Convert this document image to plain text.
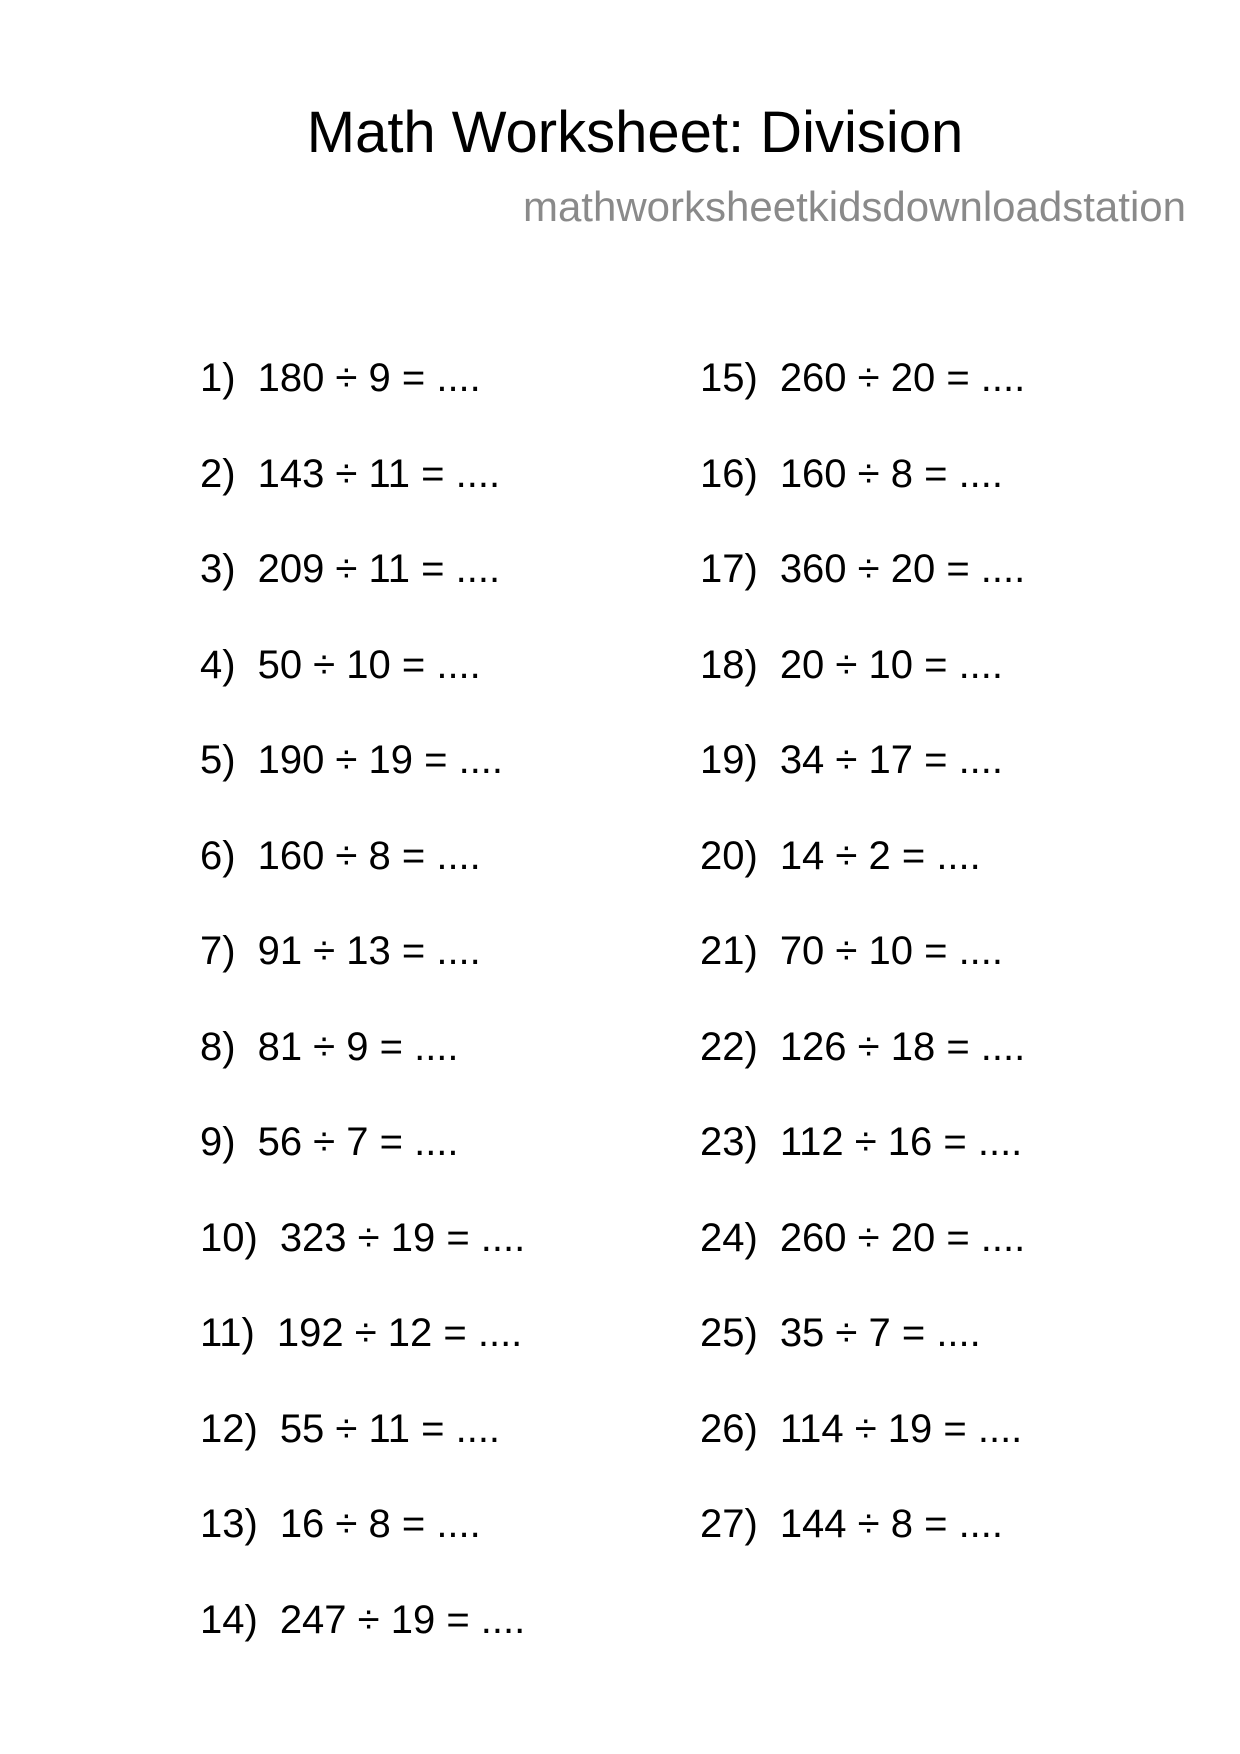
Math Worksheet: Division
mathworksheetkidsdownloadstation
1) 180 ÷ 9 = ....
2) 143 ÷ 11 = ....
3) 209 ÷ 11 = ....
4) 50 ÷ 10 = ....
5) 190 ÷ 19 = ....
6) 160 ÷ 8 = ....
7) 91 ÷ 13 = ....
8) 81 ÷ 9 = ....
9) 56 ÷ 7 = ....
10) 323 ÷ 19 = ....
11) 192 ÷ 12 = ....
12) 55 ÷ 11 = ....
13) 16 ÷ 8 = ....
14) 247 ÷ 19 = ....
15) 260 ÷ 20 = ....
16) 160 ÷ 8 = ....
17) 360 ÷ 20 = ....
18) 20 ÷ 10 = ....
19) 34 ÷ 17 = ....
20) 14 ÷ 2 = ....
21) 70 ÷ 10 = ....
22) 126 ÷ 18 = ....
23) 112 ÷ 16 = ....
24) 260 ÷ 20 = ....
25) 35 ÷ 7 = ....
26) 114 ÷ 19 = ....
27) 144 ÷ 8 = ....
